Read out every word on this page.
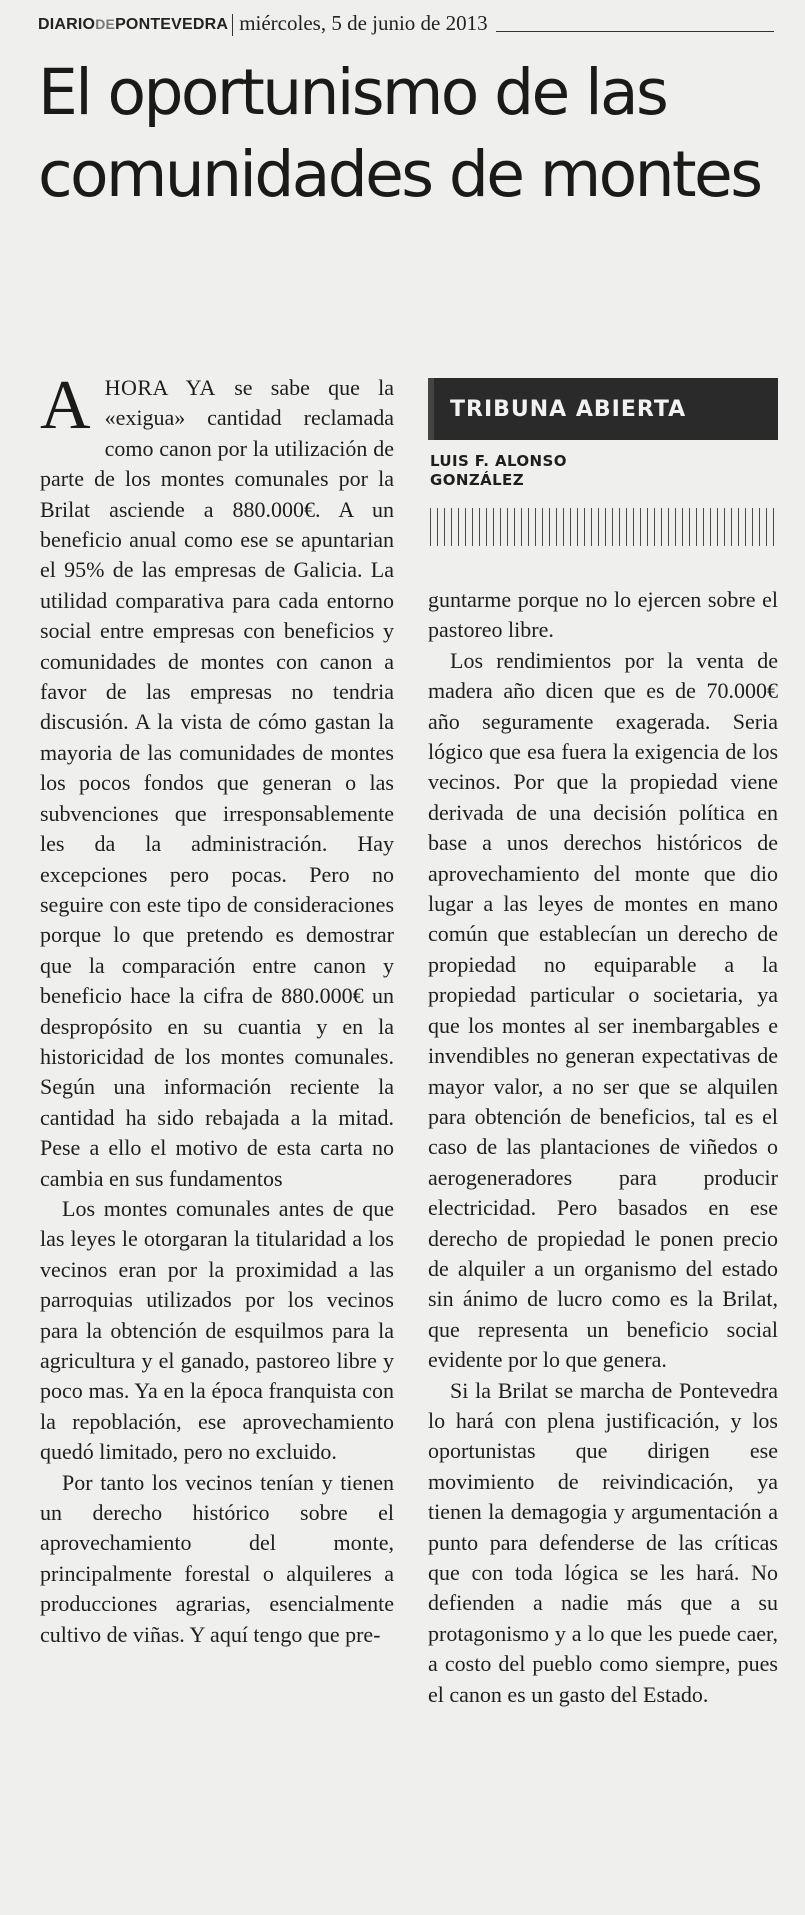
DIARIODEPONTEVEDRA miércoles, 5 de junio de 2013
El oportunismo de las comunidades de montes

AHORA YA se sabe que la «exigua» cantidad reclamada como canon por la utilización de parte de los montes comunales por la Brilat asciende a 880.000€. A un beneficio anual como ese se apuntarian el 95% de las empresas de Galicia. La utilidad comparativa para cada entorno social entre empresas con beneficios y comunidades de montes con canon a favor de las empresas no tendria discusión. A la vista de cómo gastan la mayoria de las comunidades de montes los pocos fondos que generan o las subvenciones que irresponsablemente les da la administración. Hay excepciones pero pocas. Pero no seguire con este tipo de consideraciones porque lo que pretendo es demostrar que la comparación entre canon y beneficio hace la cifra de 880.000€ un despropósito en su cuantia y en la historicidad de los montes comunales. Según una información reciente la cantidad ha sido rebajada a la mitad. Pese a ello el motivo de esta carta no cambia en sus fundamentos

Los montes comunales antes de que las leyes le otorgaran la titularidad a los vecinos eran por la proximidad a las parroquias utilizados por los vecinos para la obtención de esquilmos para la agricultura y el ganado, pastoreo libre y poco mas. Ya en la época franquista con la repoblación, ese aprovechamiento quedó limitado, pero no excluido.

Por tanto los vecinos tenían y tienen un derecho histórico sobre el aprovechamiento del monte, principalmente forestal o alquileres a producciones agrarias, esencialmente cultivo de viñas. Y aquí tengo que pre-

TRIBUNA ABIERTA
LUIS F. ALONSO
GONZÁLEZ

guntarme porque no lo ejercen sobre el pastoreo libre.

Los rendimientos por la venta de madera año dicen que es de 70.000€ año seguramente exagerada. Seria lógico que esa fuera la exigencia de los vecinos. Por que la propiedad viene derivada de una decisión política en base a unos derechos históricos de aprovechamiento del monte que dio lugar a las leyes de montes en mano común que establecían un derecho de propiedad no equiparable a la propiedad particular o societaria, ya que los montes al ser inembargables e invendibles no generan expectativas de mayor valor, a no ser que se alquilen para obtención de beneficios, tal es el caso de las plantaciones de viñedos o aerogeneradores para producir electricidad. Pero basados en ese derecho de propiedad le ponen precio de alquiler a un organismo del estado sin ánimo de lucro como es la Brilat, que representa un beneficio social evidente por lo que genera.

Si la Brilat se marcha de Pontevedra lo hará con plena justificación, y los oportunistas que dirigen ese movimiento de reivindicación, ya tienen la demagogia y argumentación a punto para defenderse de las críticas que con toda lógica se les hará. No defienden a nadie más que a su protagonismo y a lo que les puede caer, a costo del pueblo como siempre, pues el canon es un gasto del Estado.
